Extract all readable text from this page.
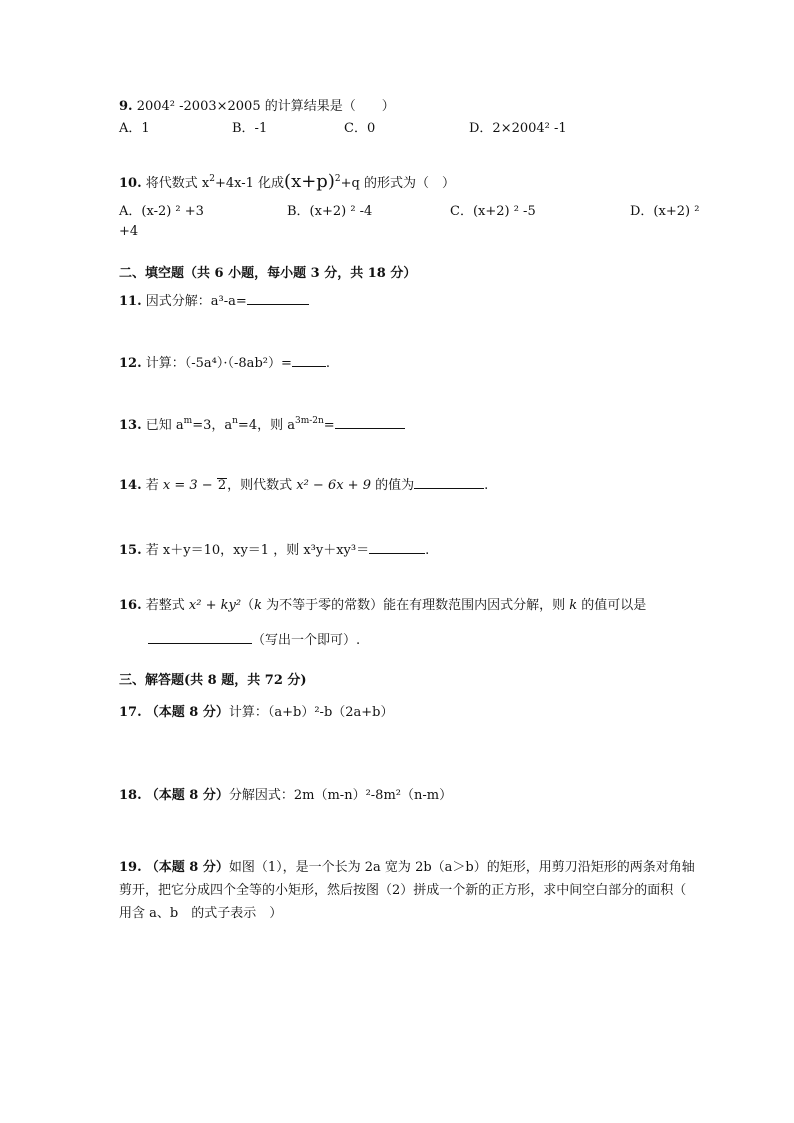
9. 2004² -2003×2005 的计算结果是（　　）
A．1	B．-1	C．0	D．2×2004² -1
10. 将代数式 $x^2+4x-1$ 化成$(x+p)^2+q$ 的形式为（　）
A．(x-2) ² +3	B．(x+2) ² -4	C．(x+2) ² -5	D．(x+2) ²
+4
二、填空题（共 6 小题，每小题 3 分，共 18 分）
11. 因式分解：a³-a=
12. 计算：（-5a⁴）·（-8ab²）=	.
13. 已知 $a^m=3$，$a^n=4$，则 $a^{3m-2n}=$
14. 若 x = 3 − 2，则代数式 x² − 6x + 9 的值为	.
15. 若 x＋y＝10，xy＝1 ，则 x³y＋xy³＝	.
16. 若整式 x² + ky²（k 为不等于零的常数）能在有理数范围内因式分解，则 k 的值可以是
（写出一个即可）.
三、解答题(共 8 题，共 72 分)
17. （本题 8 分）计算：（a+b）²-b（2a+b）
18. （本题 8 分）分解因式：2m（m-n）²-8m²（n-m）
19. （本题 8 分）如图（1），是一个长为 2a 宽为 2b（a＞b）的矩形，用剪刀沿矩形的两条对角轴
剪开，把它分成四个全等的小矩形，然后按图（2）拼成一个新的正方形，求中间空白部分的面积（
用含 a、b　的式子表示　）
